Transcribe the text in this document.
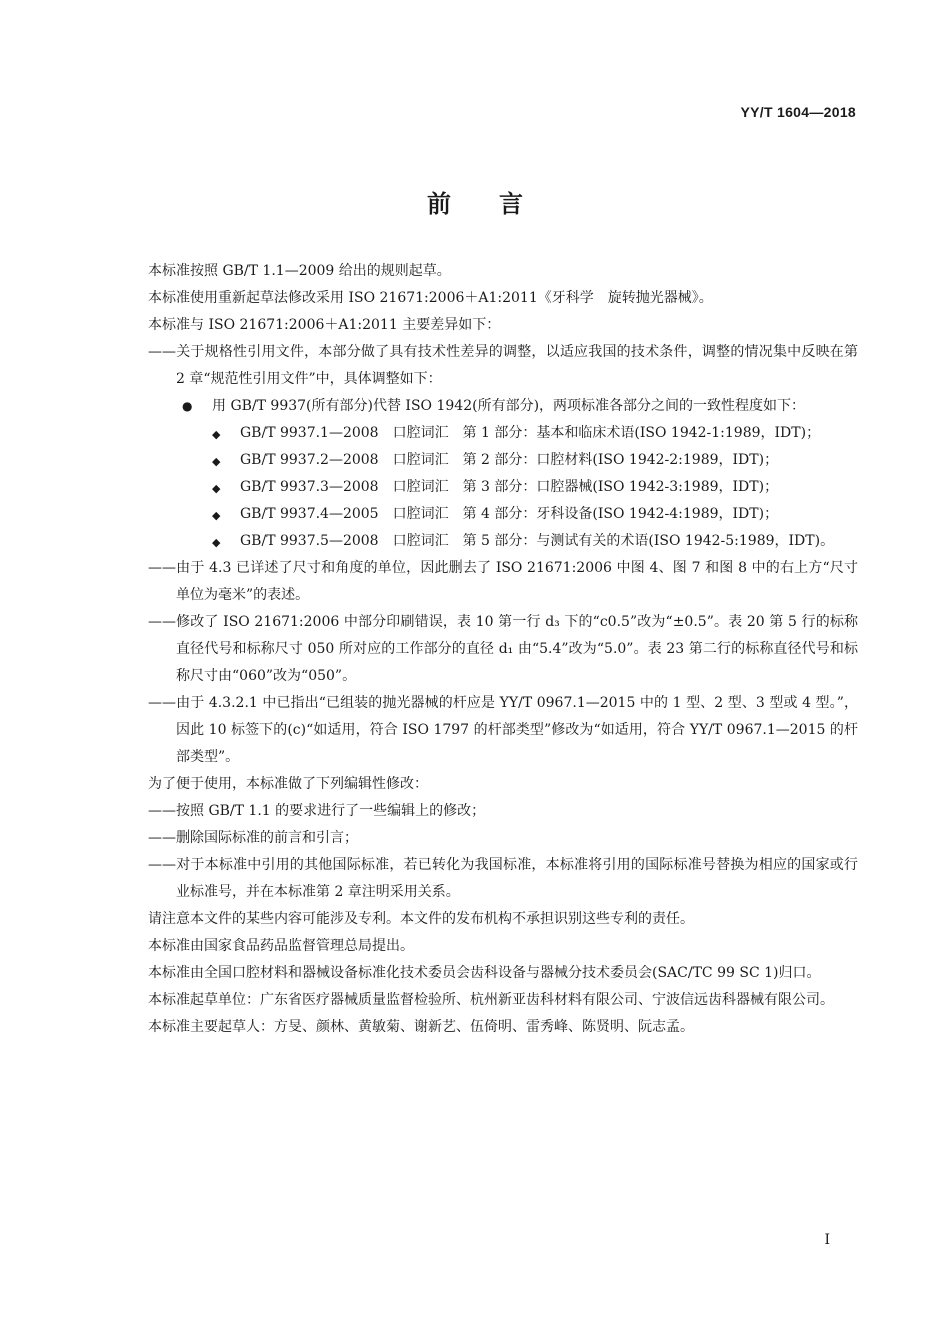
YY/T 1604—2018
前 言

本标准按照 GB/T 1.1—2009 给出的规则起草。

本标准使用重新起草法修改采用 ISO 21671:2006＋A1:2011《牙科学　旋转抛光器械》。

本标准与 ISO 21671:2006＋A1:2011 主要差异如下：

——关于规格性引用文件，本部分做了具有技术性差异的调整，以适应我国的技术条件，调整的情况集中反映在第 2 章“规范性引用文件”中，具体调整如下：

● 用 GB/T 9937(所有部分)代替 ISO 1942(所有部分)，两项标准各部分之间的一致性程度如下：
◆ GB/T 9937.1—2008　口腔词汇　第 1 部分：基本和临床术语(ISO 1942-1:1989，IDT)；
◆ GB/T 9937.2—2008　口腔词汇　第 2 部分：口腔材料(ISO 1942-2:1989，IDT)；
◆ GB/T 9937.3—2008　口腔词汇　第 3 部分：口腔器械(ISO 1942-3:1989，IDT)；
◆ GB/T 9937.4—2005　口腔词汇　第 4 部分：牙科设备(ISO 1942-4:1989，IDT)；
◆ GB/T 9937.5—2008　口腔词汇　第 5 部分：与测试有关的术语(ISO 1942-5:1989，IDT)。

——由于 4.3 已详述了尺寸和角度的单位，因此删去了 ISO 21671:2006 中图 4、图 7 和图 8 中的右上方“尺寸单位为毫米”的表述。

——修改了 ISO 21671:2006 中部分印刷错误，表 10 第一行 d₃ 下的“c0.5”改为“±0.5”。表 20 第 5 行的标称直径代号和标称尺寸 050 所对应的工作部分的直径 d₁ 由“5.4”改为“5.0”。表 23 第二行的标称直径代号和标称尺寸由“060”改为“050”。

——由于 4.3.2.1 中已指出“已组装的抛光器械的杆应是 YY/T 0967.1—2015 中的 1 型、2 型、3 型或 4 型。”，因此 10 标签下的(c)“如适用，符合 ISO 1797 的杆部类型”修改为“如适用，符合 YY/T 0967.1—2015 的杆部类型”。

为了便于使用，本标准做了下列编辑性修改：

——按照 GB/T 1.1 的要求进行了一些编辑上的修改；

——删除国际标准的前言和引言；

——对于本标准中引用的其他国际标准，若已转化为我国标准，本标准将引用的国际标准号替换为相应的国家或行业标准号，并在本标准第 2 章注明采用关系。

请注意本文件的某些内容可能涉及专利。本文件的发布机构不承担识别这些专利的责任。

本标准由国家食品药品监督管理总局提出。

本标准由全国口腔材料和器械设备标准化技术委员会齿科设备与器械分技术委员会(SAC/TC 99 SC 1)归口。

本标准起草单位：广东省医疗器械质量监督检验所、杭州新亚齿科材料有限公司、宁波信远齿科器械有限公司。

本标准主要起草人：方旻、颜林、黄敏菊、谢新艺、伍倚明、雷秀峰、陈贤明、阮志孟。

I
